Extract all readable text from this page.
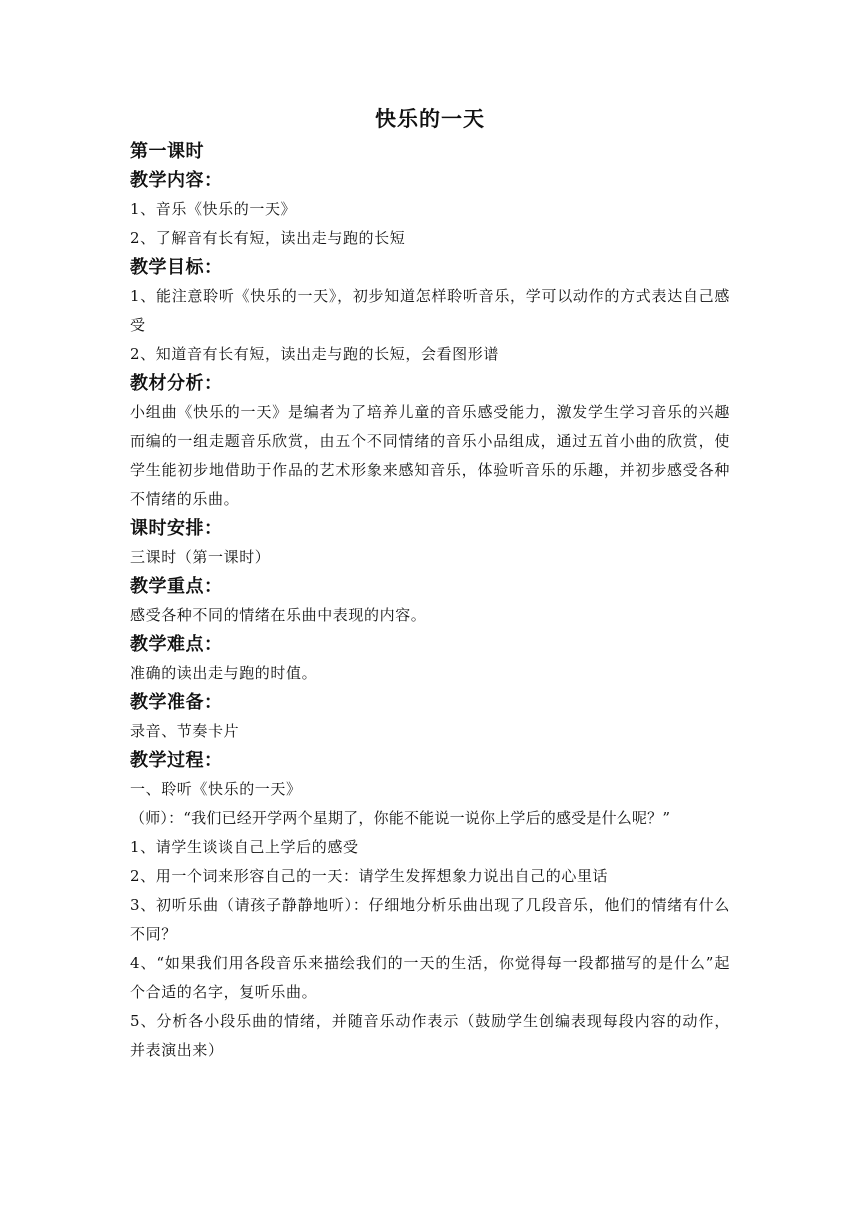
快乐的一天
第一课时
教学内容：
1、音乐《快乐的一天》
2、了解音有长有短，读出走与跑的长短
教学目标：
1、能注意聆听《快乐的一天》，初步知道怎样聆听音乐，学可以动作的方式表达自己感受
2、知道音有长有短，读出走与跑的长短，会看图形谱
教材分析：
小组曲《快乐的一天》是编者为了培养儿童的音乐感受能力，激发学生学习音乐的兴趣而编的一组走题音乐欣赏，由五个不同情绪的音乐小品组成，通过五首小曲的欣赏，使学生能初步地借助于作品的艺术形象来感知音乐，体验听音乐的乐趣，并初步感受各种不情绪的乐曲。
课时安排：
三课时（第一课时）
教学重点：
感受各种不同的情绪在乐曲中表现的内容。
教学难点：
准确的读出走与跑的时值。
教学准备：
录音、节奏卡片
教学过程：
一、聆听《快乐的一天》
（师）：“我们已经开学两个星期了，你能不能说一说你上学后的感受是什么呢？”
1、请学生谈谈自己上学后的感受
2、用一个词来形容自己的一天：请学生发挥想象力说出自己的心里话
3、初听乐曲（请孩子静静地听）：仔细地分析乐曲出现了几段音乐，他们的情绪有什么不同？
4、“如果我们用各段音乐来描绘我们的一天的生活，你觉得每一段都描写的是什么”起个合适的名字，复听乐曲。
5、分析各小段乐曲的情绪，并随音乐动作表示（鼓励学生创编表现每段内容的动作，并表演出来）
